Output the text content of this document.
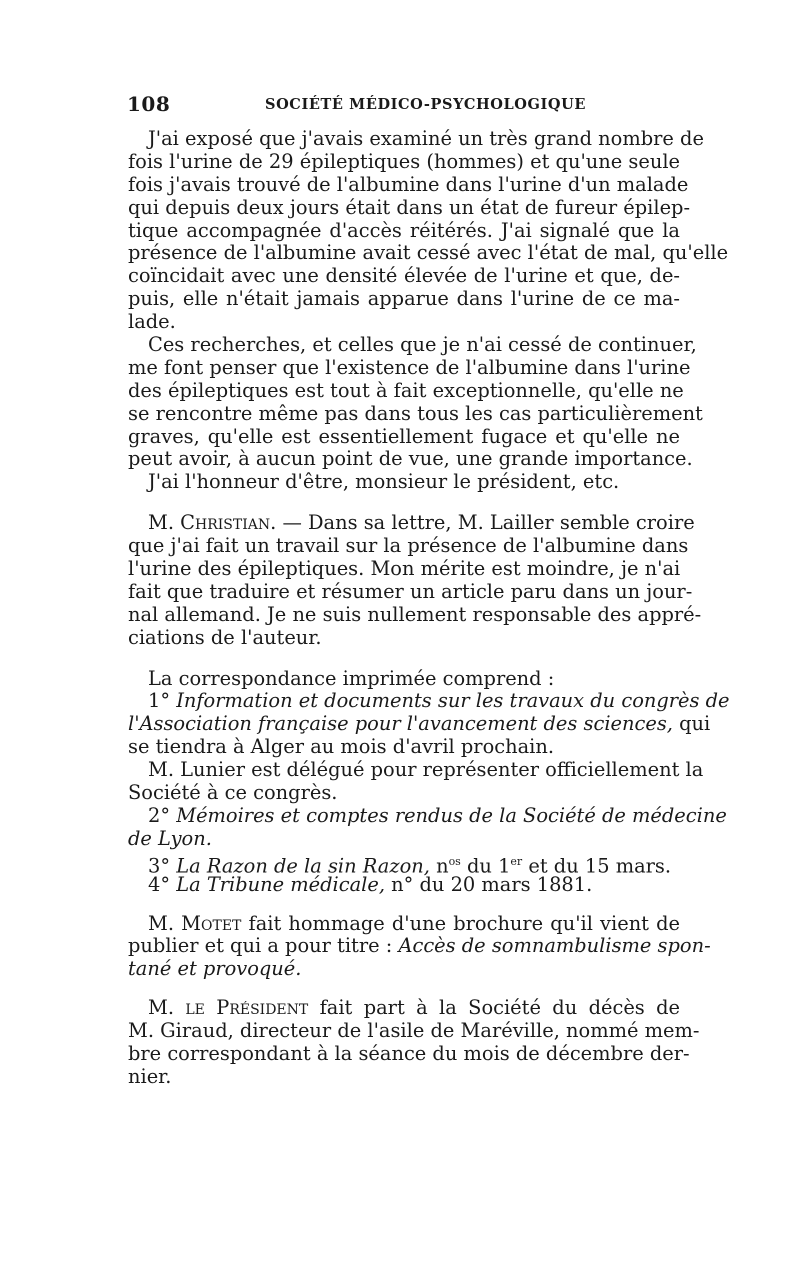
108	SOCIÉTÉ MÉDICO-PSYCHOLOGIQUE
J'ai exposé que j'avais examiné un très grand nombre de
fois l'urine de 29 épileptiques (hommes) et qu'une seule
fois j'avais trouvé de l'albumine dans l'urine d'un malade
qui depuis deux jours était dans un état de fureur épilep-
tique accompagnée d'accès réitérés. J'ai signalé que la
présence de l'albumine avait cessé avec l'état de mal, qu'elle
coïncidait avec une densité élevée de l'urine et que, de-
puis, elle n'était jamais apparue dans l'urine de ce ma-
lade.
Ces recherches, et celles que je n'ai cessé de continuer,
me font penser que l'existence de l'albumine dans l'urine
des épileptiques est tout à fait exceptionnelle, qu'elle ne
se rencontre même pas dans tous les cas particulièrement
graves, qu'elle est essentiellement fugace et qu'elle ne
peut avoir, à aucun point de vue, une grande importance.
J'ai l'honneur d'être, monsieur le président, etc.
M. Christian. — Dans sa lettre, M. Lailler semble croire
que j'ai fait un travail sur la présence de l'albumine dans
l'urine des épileptiques. Mon mérite est moindre, je n'ai
fait que traduire et résumer un article paru dans un jour-
nal allemand. Je ne suis nullement responsable des appré-
ciations de l'auteur.
La correspondance imprimée comprend :
1° Information et documents sur les travaux du congrès de
l'Association française pour l'avancement des sciences, qui
se tiendra à Alger au mois d'avril prochain.
M. Lunier est délégué pour représenter officiellement la
Société à ce congrès.
2° Mémoires et comptes rendus de la Société de médecine
de Lyon.
3° La Razon de la sin Razon, $n^{os}$ du 1er et du 15 mars.
4° La Tribune médicale, n° du 20 mars 1881.
M. Motet fait hommage d'une brochure qu'il vient de
publier et qui a pour titre : Accès de somnambulisme spon-
tané et provoqué.
M. le Président fait part à la Société du décès de
M. Giraud, directeur de l'asile de Maréville, nommé mem-
bre correspondant à la séance du mois de décembre der-
nier.
